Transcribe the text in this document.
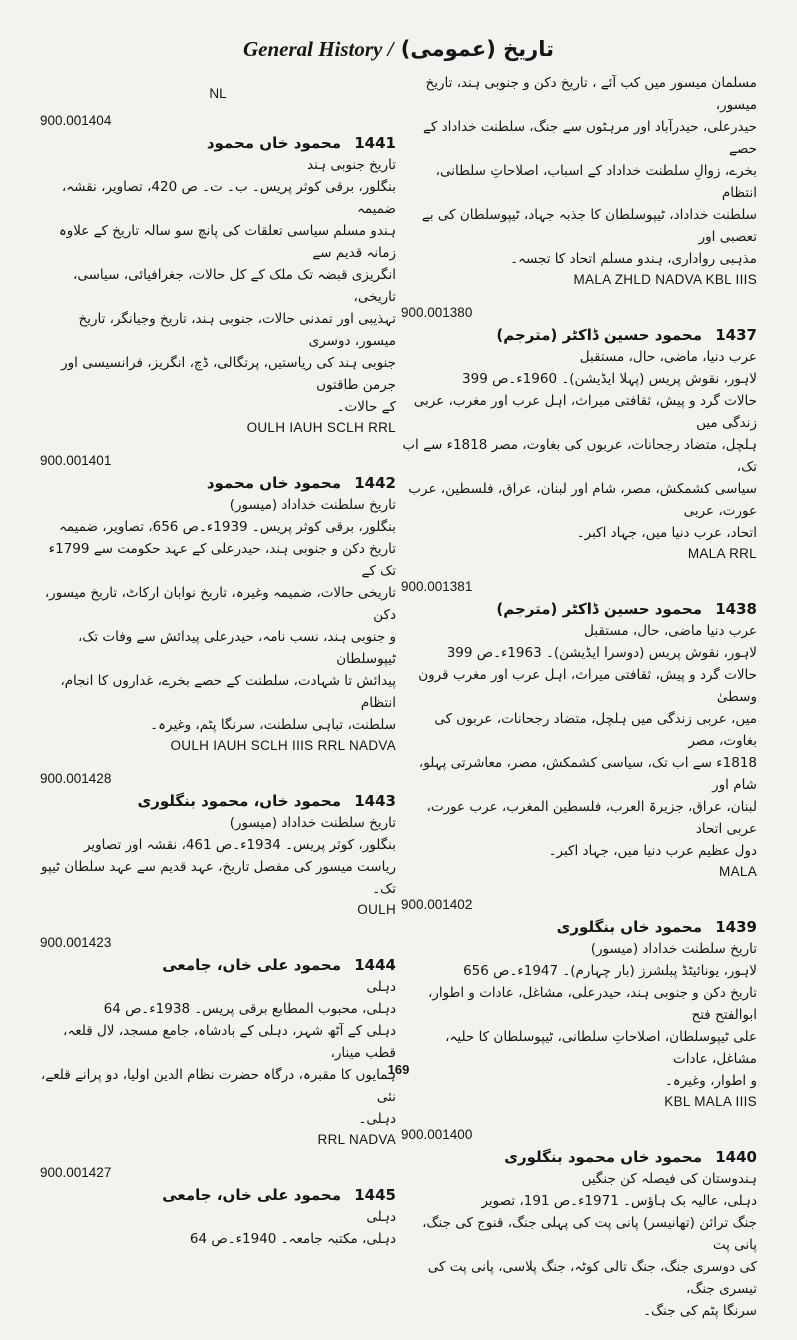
General History / تاریخ (عمومی)
مسلمان میسور میں کب آئے ، تاریخ دکن و جنوبی ہند، تاریخ میسور،
حیدرعلی، حیدرآباد اور مرہٹوں سے جنگ، سلطنت خداداد کے حصے
بخرے، زوالِ سلطنت خداداد کے اسباب، اصلاحاتِ سلطانی، انتظام
سلطنت خداداد، ٹیپوسلطان کا جذبہ جہاد، ٹیپوسلطان کی بے تعصبی اور
مذہبی رواداری، ہندو مسلم اتحاد کا تجسہ۔
MALA ZHLD NADVA KBL IIIS
900.001380
1437 محمود حسین ڈاکٹر (مترجم)
عرب دنیا، ماضی، حال، مستقبل
لاہور، نقوش پریس (پہلا ایڈیشن)۔ 1960ء۔ص 399
حالات گرد و پیش، ثقافتی میراث، اہل عرب اور مغرب، عربی زندگی میں
ہلچل، متضاد رجحانات، عربوں کی بغاوت، مصر 1818ء سے اب تک،
سیاسی کشمکش، مصر، شام اور لبنان، عراق، فلسطین، عرب عورت، عربی
اتحاد، عرب دنیا میں، جہاد اکبر۔
MALA RRL
900.001381
1438 محمود حسین ڈاکٹر (مترجم)
عرب دنیا ماضی، حال، مستقبل
لاہور، نقوش پریس (دوسرا ایڈیشن)۔ 1963ء۔ص 399
حالات گرد و پیش، ثقافتی میراث، اہل عرب اور مغرب قرون وسطیٰ
میں، عربی زندگی میں ہلچل، متضاد رجحانات، عربوں کی بغاوت، مصر
1818ء سے اب تک، سیاسی کشمکش، مصر، معاشرتی پہلو، شام اور
لبنان، عراق، جزیرۃ العرب، فلسطین المغرب، عرب عورت، عربی اتحاد
دول عظیم عرب دنیا میں، جہاد اکبر۔
MALA
900.001402
1439 محمود خاں بنگلوری
تاریخ سلطنت خداداد (میسور)
لاہور، یونائیٹڈ پبلشرز (بار چہارم)۔ 1947ء۔ص 656
تاریخ دکن و جنوبی ہند، حیدرعلی، مشاغل، عادات و اطوار، ابوالفتح فتح
علی ٹیپوسلطان، اصلاحاتِ سلطانی، ٹیپوسلطان کا حلیہ، مشاغل، عادات
و اطوار، وغیرہ۔
KBL MALA IIIS
900.001400
1440 محمود خاں محمود بنگلوری
ہندوستان کی فیصلہ کن جنگیں
دہلی، عالیہ بک ہاؤس۔ 1971ء۔ص 191، تصویر
جنگ ترائن (تھانیسر) پانی پت کی پہلی جنگ، قنوج کی جنگ، پانی پت
کی دوسری جنگ، جنگ تالی کوٹہ، جنگ پلاسی، پانی پت کی تیسری جنگ،
سرنگا پٹم کی جنگ۔
NL
900.001404
1441 محمود خاں محمود
تاریخ جنوبی ہند
بنگلور، برقی کوثر پریس۔ ب۔ ت۔ ص 420، تصاویر، نقشہ، ضمیمہ
ہندو مسلم سیاسی تعلقات کی پانچ سو سالہ تاریخ کے علاوہ زمانہ قدیم سے
انگریزی قبضہ تک ملک کے کل حالات، جغرافیائی، سیاسی، تاریخی،
تہذیبی اور تمدنی حالات، جنوبی ہند، تاریخ وجیانگر، تاریخ میسور، دوسری
جنوبی ہند کی ریاستیں، پرتگالی، ڈچ، انگریز، فرانسیسی اور جرمن طاقتوں
کے حالات۔
OULH IAUH SCLH RRL
900.001401
1442 محمود خاں محمود
تاریخ سلطنت خداداد (میسور)
بنگلور، برقی کوثر پریس۔ 1939ء۔ص 656، تصاویر، ضمیمہ
تاریخ دکن و جنوبی ہند، حیدرعلی کے عہد حکومت سے 1799ء تک کے
تاریخی حالات، ضمیمہ وغیرہ، تاریخ نوابان ارکاٹ، تاریخ میسور، دکن
و جنوبی ہند، نسب نامہ، حیدرعلی پیدائش سے وفات تک، ٹیپوسلطان
پیدائش تا شہادت، سلطنت کے حصے بخرے، غداروں کا انجام، انتظام
سلطنت، تباہی سلطنت، سرنگا پٹم، وغیرہ۔
OULH IAUH SCLH IIIS RRL NADVA
900.001428
1443 محمود خاں، محمود بنگلوری
تاریخ سلطنت خداداد (میسور)
بنگلور، کوثر پریس۔ 1934ء۔ص 461، نقشہ اور تصاویر
ریاست میسور کی مفصل تاریخ، عہد قدیم سے عہد سلطان ٹیپو تک۔
OULH
900.001423
1444 محمود علی خاں، جامعی
دہلی
دہلی، محبوب المطابع برقی پریس۔ 1938ء۔ص 64
دہلی کے آٹھ شہر، دہلی کے بادشاہ، جامع مسجد، لال قلعہ، قطب مینار،
ہمایوں کا مقبرہ، درگاہ حضرت نظام الدین اولیا، دو پرانے قلعے، نئی
دہلی۔
RRL NADVA
900.001427
1445 محمود علی خاں، جامعی
دہلی
دہلی، مکتبہ جامعہ۔ 1940ء۔ص 64
169
